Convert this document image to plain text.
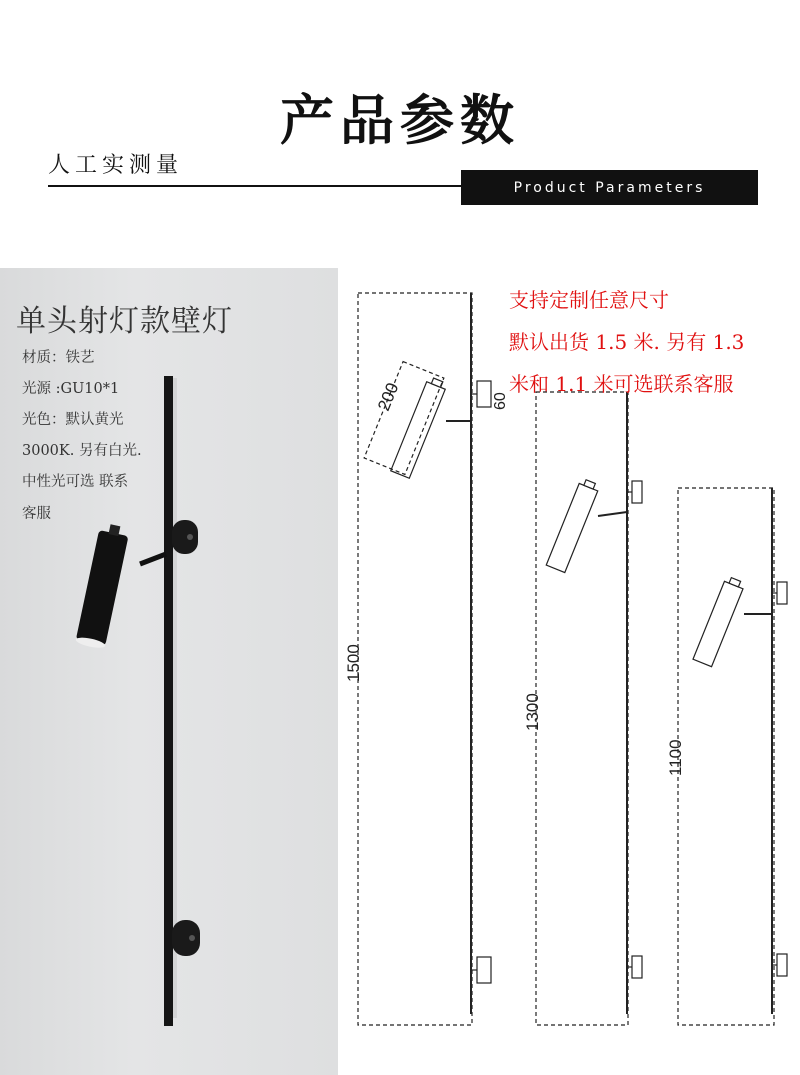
产品参数
人工实测量
Product Parameters
单头射灯款壁灯
材质：铁艺
光源 :GU10*1
光色：默认黄光
3000K. 另有白光.
中性光可选 联系
客服
200	60
1500
1300
1100
支持定制任意尺寸
默认出货 1.5 米. 另有 1.3
米和 1.1 米可选联系客服
